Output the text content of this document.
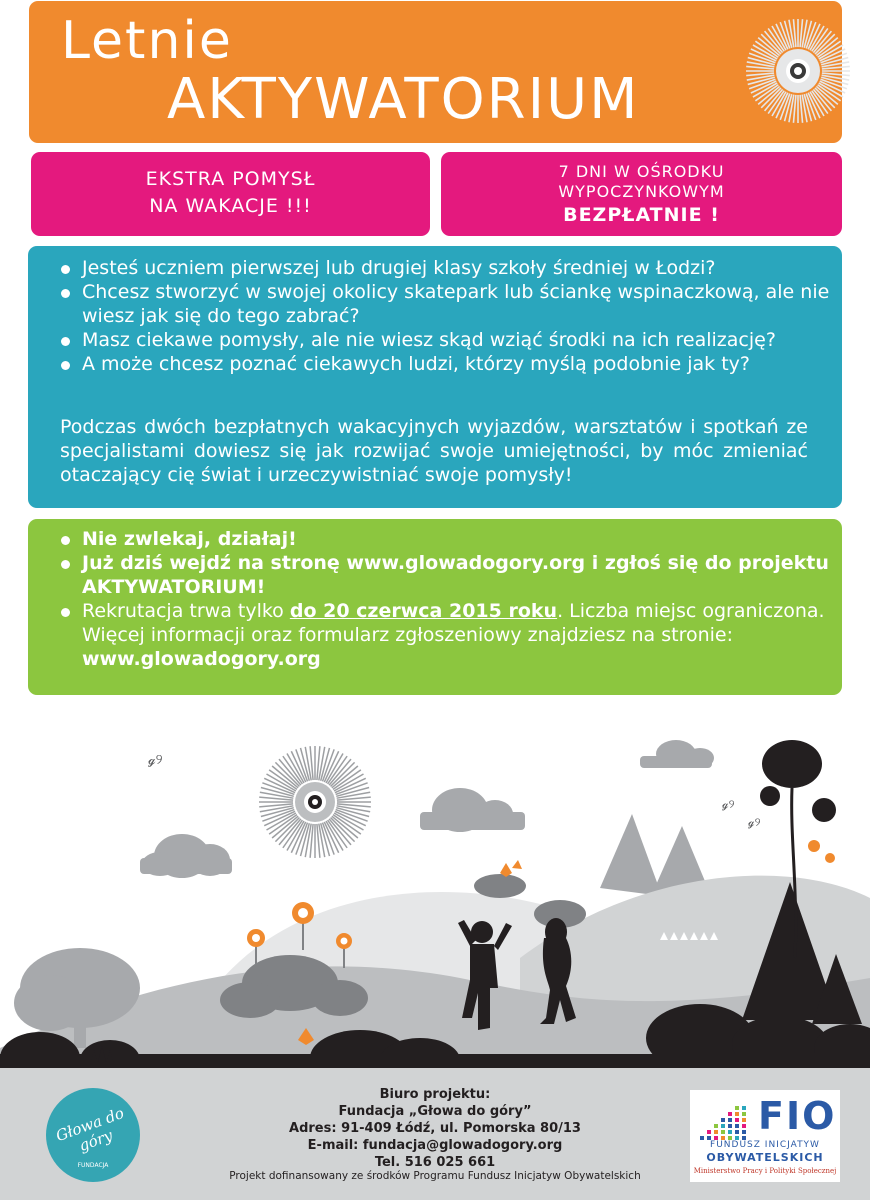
Letnie
AKTYWATORIUM
EKSTRA POMYSŁ
NA WAKACJE !!!
7 DNI W OŚRODKU
WYPOCZYNKOWYM
BEZPŁATNIE !
Jesteś uczniem pierwszej lub drugiej klasy szkoły średniej w Łodzi?
Chcesz stworzyć w swojej okolicy skatepark lub ściankę wspinaczkową, ale nie wiesz jak się do tego zabrać?
Masz ciekawe pomysły, ale nie wiesz skąd wziąć środki na ich realizację?
A może chcesz poznać ciekawych ludzi, którzy myślą podobnie jak ty?
Podczas dwóch bezpłatnych wakacyjnych wyjazdów, warsztatów i spotkań ze specjalistami dowiesz się jak rozwijać swoje umiejętności, by móc zmieniać otaczający cię świat i urzeczywistniać swoje pomysły!
Nie zwlekaj, działaj!
Już dziś wejdź na stronę www.glowadogory.org i zgłoś się do projektu AKTYWATORIUM!
Rekrutacja trwa tylko do 20 czerwca 2015 roku. Liczba miejsc ograniczona. Więcej informacji oraz formularz zgłoszeniowy znajdziesz na stronie: www.glowadogory.org
ℊ୨
ℊ୨
ℊ୨
Głowa do góry
FUNDACJA
Biuro projektu:
Fundacja „Głowa do góry”
Adres: 91-409 Łódź, ul. Pomorska 80/13
E-mail: fundacja@glowadogory.org
Tel. 516 025 661
Projekt dofinansowany ze środków Programu Fundusz Inicjatyw Obywatelskich
FIO
FUNDUSZ INICJATYW
OBYWATELSKICH
Ministerstwo Pracy i Polityki Społecznej
